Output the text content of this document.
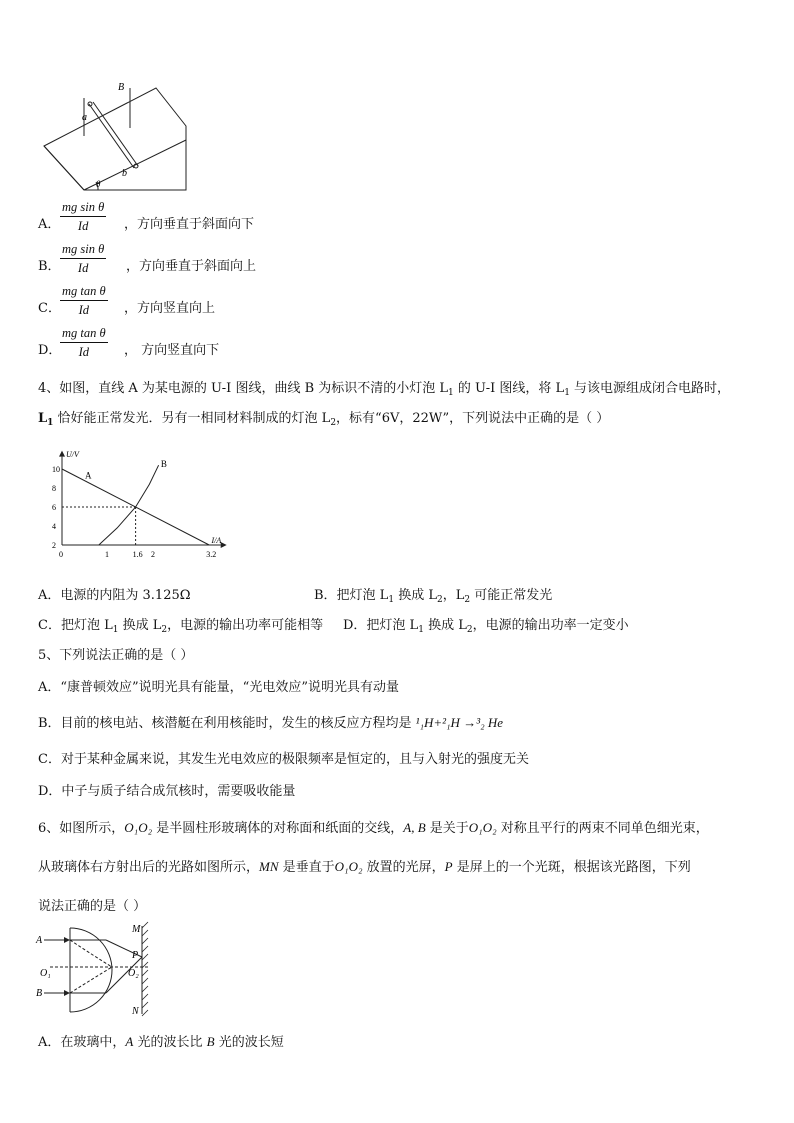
B
a
b
θ
A． $\frac{\text{mg sin θ}}{Id}$ ，方向垂直于斜面向下
B． $\frac{\text{mg sin θ}}{Id}$ ，方向垂直于斜面向上
C． $\frac{\text{mg tan θ}}{Id}$ ，方向竖直向上
D．
$\frac{\text{mg tan θ}}{Id}$ ， 方向竖直向下
4、如图，直线 A 为某电源的 U-I 图线，曲线 B 为标识不清的小灯泡 $L_1$ 的 U-I 图线，将 $L_1$ 与该电源组成闭合电路时，
$L_1$ 恰好能正常发光．另有一相同材料制成的灯泡 $L_2$，标有“6V，22W”，下列说法中正确的是（ ）
U/V
I/A
10
8
6
4
2
0	1	1.6 2	3.2
A
B
A．电源的内阻为 3.125Ω	B．把灯泡 $L_1$ 换成 $L_2$，$L_2$ 可能正常发光
C．把灯泡 $L_1$ 换成 $L_2$，电源的输出功率可能相等 D．把灯泡 $L_1$ 换成 $L_2$，电源的输出功率一定变小
5、下列说法正确的是（ ）
A．“康普顿效应”说明光具有能量，“光电效应”说明光具有动量
B．目前的核电站、核潜艇在利用核能时，发生的核反应方程均是 ¹₁H+²₁H →³₂ He
C．对于某种金属来说，其发生光电效应的极限频率是恒定的，且与入射光的强度无关
D．中子与质子结合成氘核时，需要吸收能量
6、如图所示，O₁O₂ 是半圆柱形玻璃体的对称面和纸面的交线，A, B 是关于O₁O₂ 对称且平行的两束不同单色细光束，
从玻璃体右方射出后的光路如图所示，MN 是垂直于O₁O₂ 放置的光屏，P 是屏上的一个光斑，根据该光路图，下列
说法正确的是（ ）
A
B
O₁	O₂
M
N
P
A．在玻璃中，A 光的波长比 B 光的波长短
